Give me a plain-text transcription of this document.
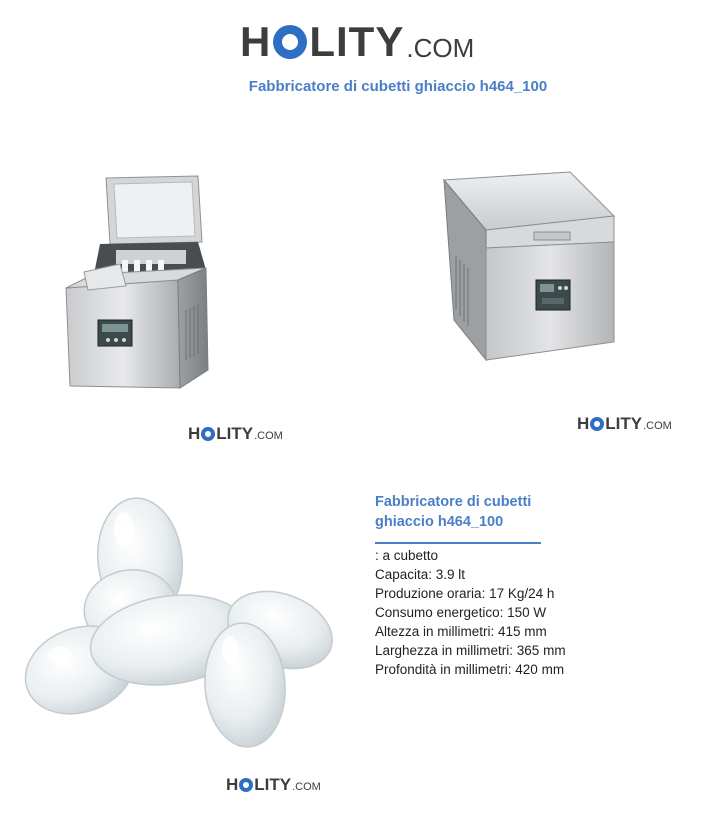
H LITY .COM
Fabbricatore di cubetti ghiaccio h464_100
H LITY .COM
H LITY .COM
H LITY .COM
Fabbricatore di cubetti
ghiaccio h464_100
: a cubetto
Capacita: 3.9 lt
Produzione oraria: 17 Kg/24 h
Consumo energetico: 150 W
Altezza in millimetri: 415 mm
Larghezza in millimetri: 365 mm
Profondità in millimetri: 420 mm
